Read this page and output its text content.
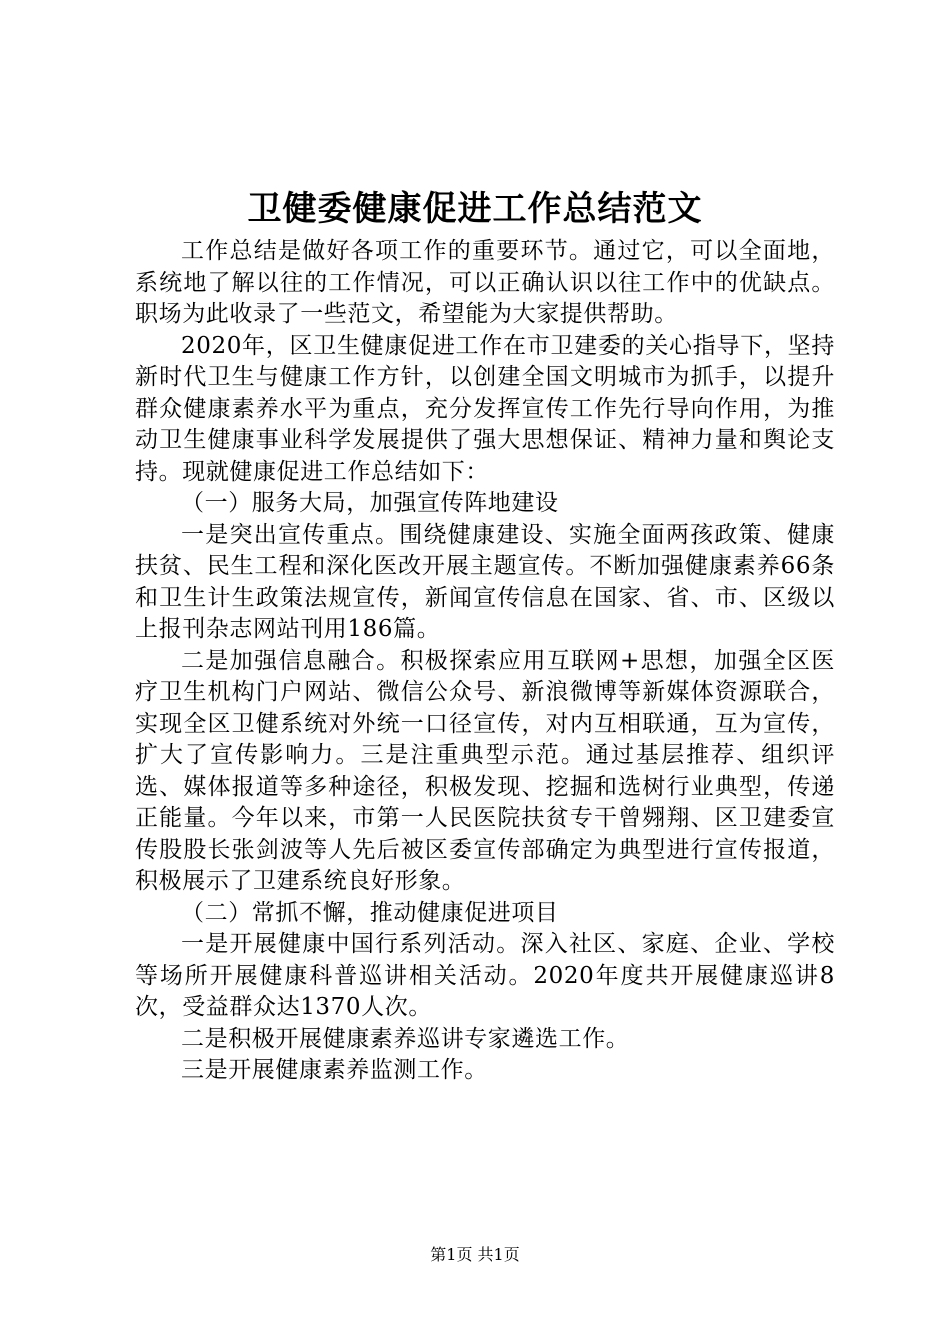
卫健委健康促进工作总结范文

工作总结是做好各项工作的重要环节。通过它，可以全面地，系统地了解以往的工作情况，可以正确认识以往工作中的优缺点。职场为此收录了一些范文，希望能为大家提供帮助。

2020年，区卫生健康促进工作在市卫建委的关心指导下，坚持新时代卫生与健康工作方针，以创建全国文明城市为抓手，以提升群众健康素养水平为重点，充分发挥宣传工作先行导向作用，为推动卫生健康事业科学发展提供了强大思想保证、精神力量和舆论支持。现就健康促进工作总结如下：

（一）服务大局，加强宣传阵地建设

一是突出宣传重点。围绕健康建设、实施全面两孩政策、健康扶贫、民生工程和深化医改开展主题宣传。不断加强健康素养66条和卫生计生政策法规宣传，新闻宣传信息在国家、省、市、区级以上报刊杂志网站刊用186篇。

二是加强信息融合。积极探索应用互联网+思想，加强全区医疗卫生机构门户网站、微信公众号、新浪微博等新媒体资源联合，实现全区卫健系统对外统一口径宣传，对内互相联通，互为宣传，扩大了宣传影响力。三是注重典型示范。通过基层推荐、组织评选、媒体报道等多种途径，积极发现、挖掘和选树行业典型，传递正能量。今年以来，市第一人民医院扶贫专干曾翙翔、区卫建委宣传股股长张剑波等人先后被区委宣传部确定为典型进行宣传报道，积极展示了卫建系统良好形象。

（二）常抓不懈，推动健康促进项目

一是开展健康中国行系列活动。深入社区、家庭、企业、学校等场所开展健康科普巡讲相关活动。2020年度共开展健康巡讲8次，受益群众达1370人次。

二是积极开展健康素养巡讲专家遴选工作。

三是开展健康素养监测工作。

第1页 共1页
